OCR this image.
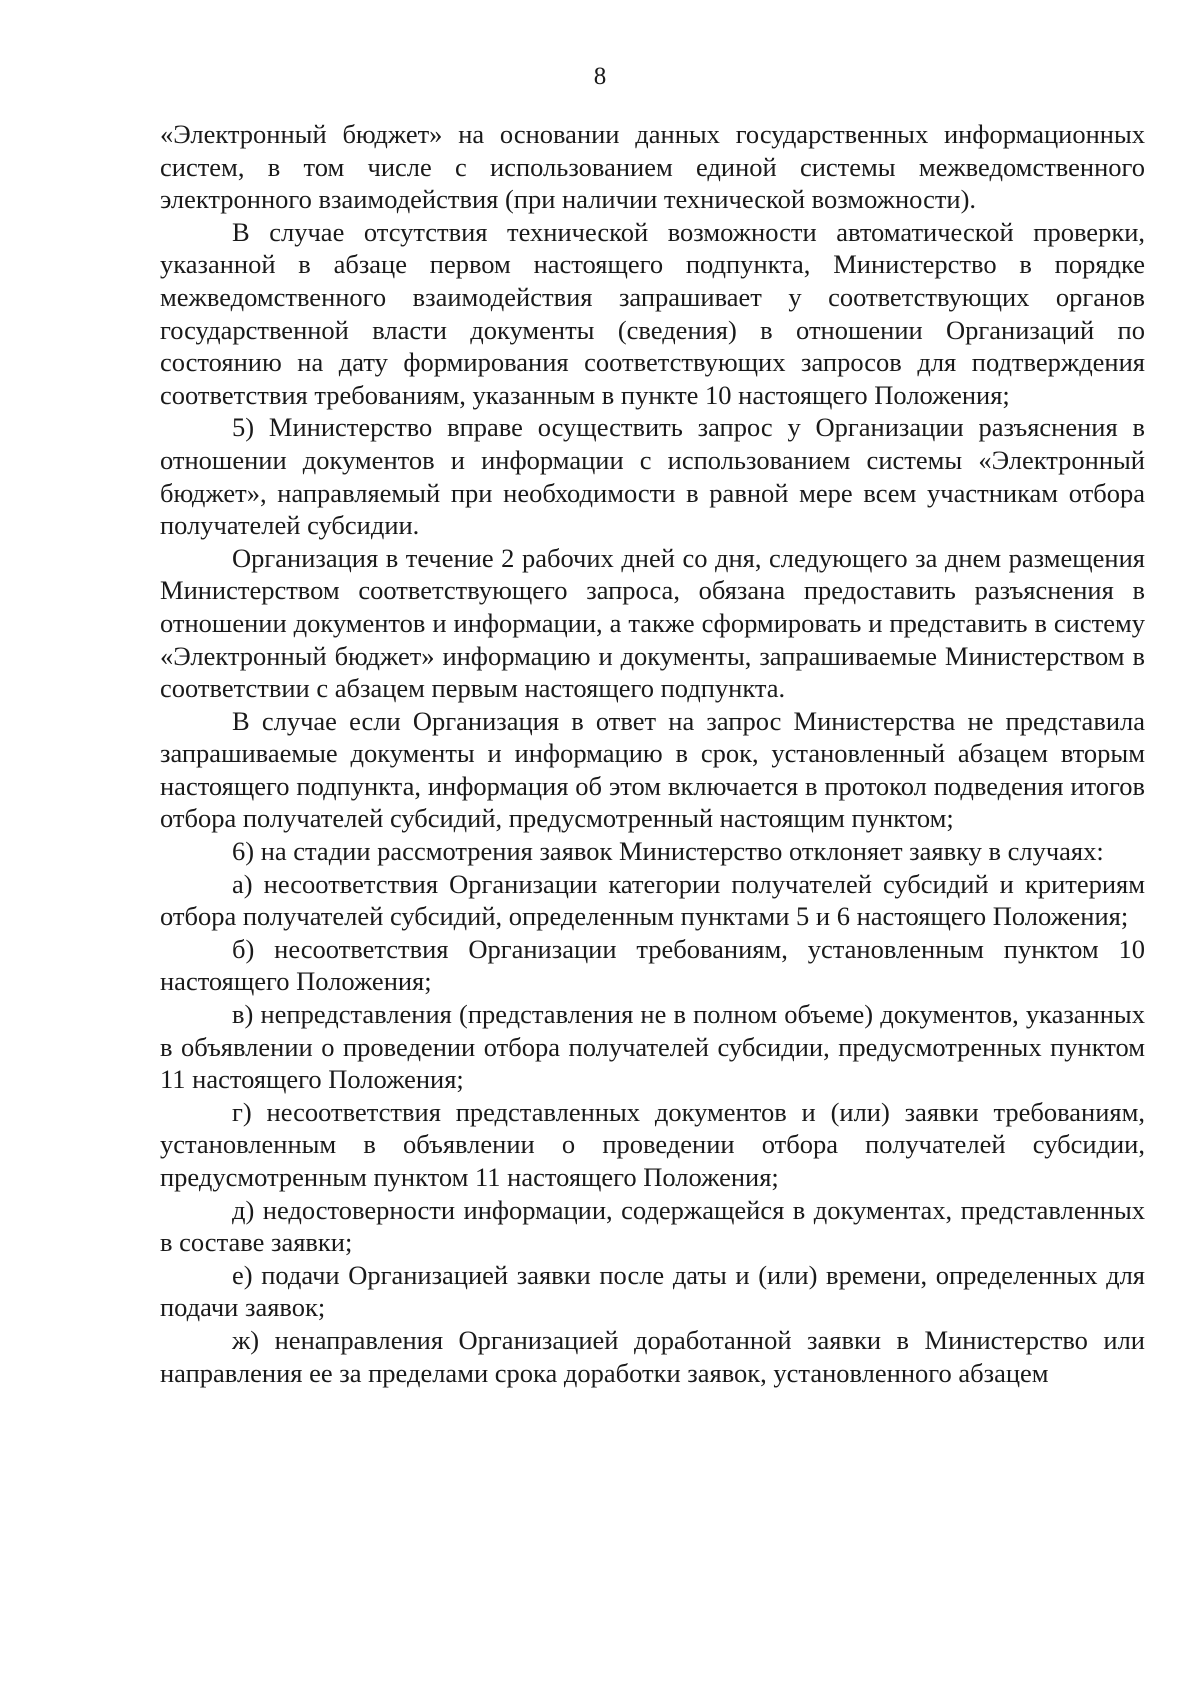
8

«Электронный бюджет» на основании данных государственных информационных систем, в том числе с использованием единой системы межведомственного электронного взаимодействия (при наличии технической возможности).

В случае отсутствия технической возможности автоматической проверки, указанной в абзаце первом настоящего подпункта, Министерство в порядке межведомственного взаимодействия запрашивает у соответствующих органов государственной власти документы (сведения) в отношении Организаций по состоянию на дату формирования соответствующих запросов для подтверждения соответствия требованиям, указанным в пункте 10 настоящего Положения;

5) Министерство вправе осуществить запрос у Организации разъяснения в отношении документов и информации с использованием системы «Электронный бюджет», направляемый при необходимости в равной мере всем участникам отбора получателей субсидии.

Организация в течение 2 рабочих дней со дня, следующего за днем размещения Министерством соответствующего запроса, обязана предоставить разъяснения в отношении документов и информации, а также сформировать и представить в систему «Электронный бюджет» информацию и документы, запрашиваемые Министерством в соответствии с абзацем первым настоящего подпункта.

В случае если Организация в ответ на запрос Министерства не представила запрашиваемые документы и информацию в срок, установленный абзацем вторым настоящего подпункта, информация об этом включается в протокол подведения итогов отбора получателей субсидий, предусмотренный настоящим пунктом;

6) на стадии рассмотрения заявок Министерство отклоняет заявку в случаях:

а) несоответствия Организации категории получателей субсидий и критериям отбора получателей субсидий, определенным пунктами 5 и 6 настоящего Положения;

б) несоответствия Организации требованиям, установленным пунктом 10 настоящего Положения;

в) непредставления (представления не в полном объеме) документов, указанных в объявлении о проведении отбора получателей субсидии, предусмотренных пунктом 11 настоящего Положения;

г) несоответствия представленных документов и (или) заявки требованиям, установленным в объявлении о проведении отбора получателей субсидии, предусмотренным пунктом 11 настоящего Положения;

д) недостоверности информации, содержащейся в документах, представленных в составе заявки;

е) подачи Организацией заявки после даты и (или) времени, определенных для подачи заявок;

ж) ненаправления Организацией доработанной заявки в Министерство или направления ее за пределами срока доработки заявок, установленного абзацем
